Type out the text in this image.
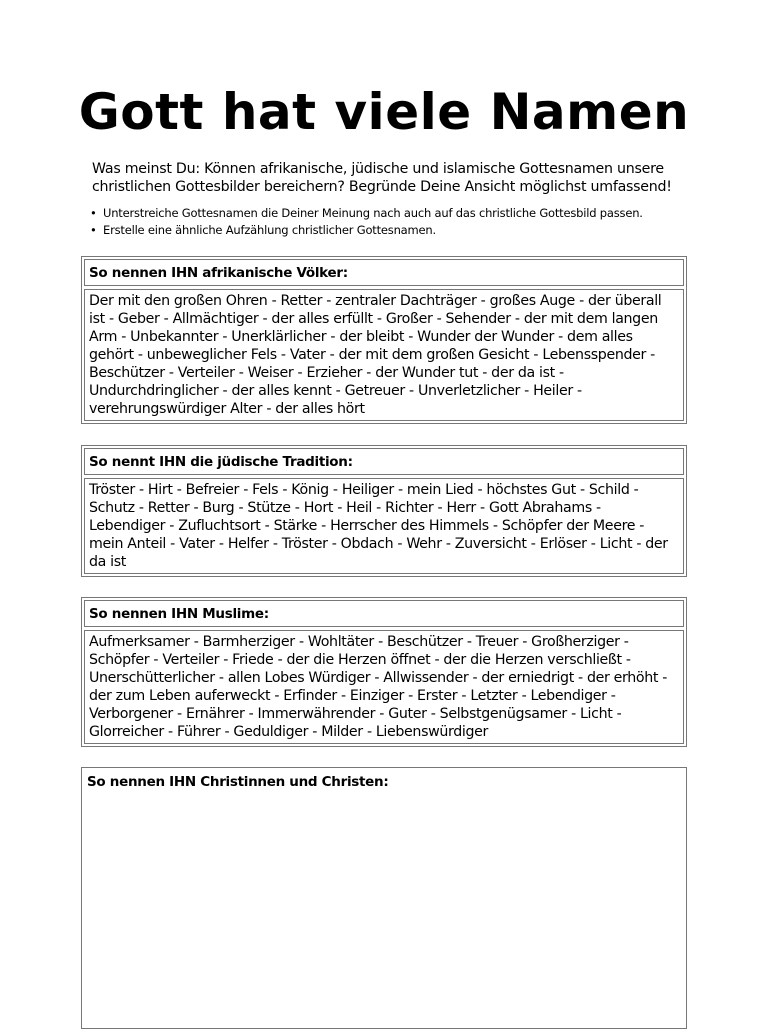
Gott hat viele Namen

Was meinst Du: Können afrikanische, jüdische und islamische Gottesnamen unsere christlichen Gottesbilder bereichern? Begründe Deine Ansicht möglichst umfassend!

• Unterstreiche Gottesnamen die Deiner Meinung nach auch auf das christliche Gottesbild passen.
• Erstelle eine ähnliche Aufzählung christlicher Gottesnamen.
So nennen IHN afrikanische Völker:
Der mit den großen Ohren - Retter - zentraler Dachträger - großes Auge - der überall ist - Geber - Allmächtiger - der alles erfüllt - Großer - Sehender - der mit dem langen Arm - Unbekannter - Unerklärlicher - der bleibt - Wunder der Wunder - dem alles gehört - unbeweglicher Fels - Vater - der mit dem großen Gesicht - Lebensspender - Beschützer - Verteiler - Weiser - Erzieher - der Wunder tut - der da ist - Undurchdringlicher - der alles kennt - Getreuer - Unverletzlicher - Heiler - verehrungswürdiger Alter - der alles hört
So nennt IHN die jüdische Tradition:
Tröster - Hirt - Befreier - Fels - König - Heiliger - mein Lied - höchstes Gut - Schild - Schutz - Retter - Burg - Stütze - Hort - Heil - Richter - Herr - Gott Abrahams - Lebendiger - Zufluchtsort - Stärke - Herrscher des Himmels - Schöpfer der Meere - mein Anteil - Vater - Helfer - Tröster - Obdach - Wehr - Zuversicht - Erlöser - Licht - der da ist
So nennen IHN Muslime:
Aufmerksamer - Barmherziger - Wohltäter - Beschützer - Treuer - Großherziger - Schöpfer - Verteiler - Friede - der die Herzen öffnet - der die Herzen verschließt - Unerschütterlicher - allen Lobes Würdiger - Allwissender - der erniedrigt - der erhöht - der zum Leben auferweckt - Erfinder - Einziger - Erster - Letzter - Lebendiger - Verborgener - Ernährer - Immerwährender - Guter - Selbstgenügsamer - Licht - Glorreicher - Führer - Geduldiger - Milder - Liebenswürdiger
So nennen IHN Christinnen und Christen:
